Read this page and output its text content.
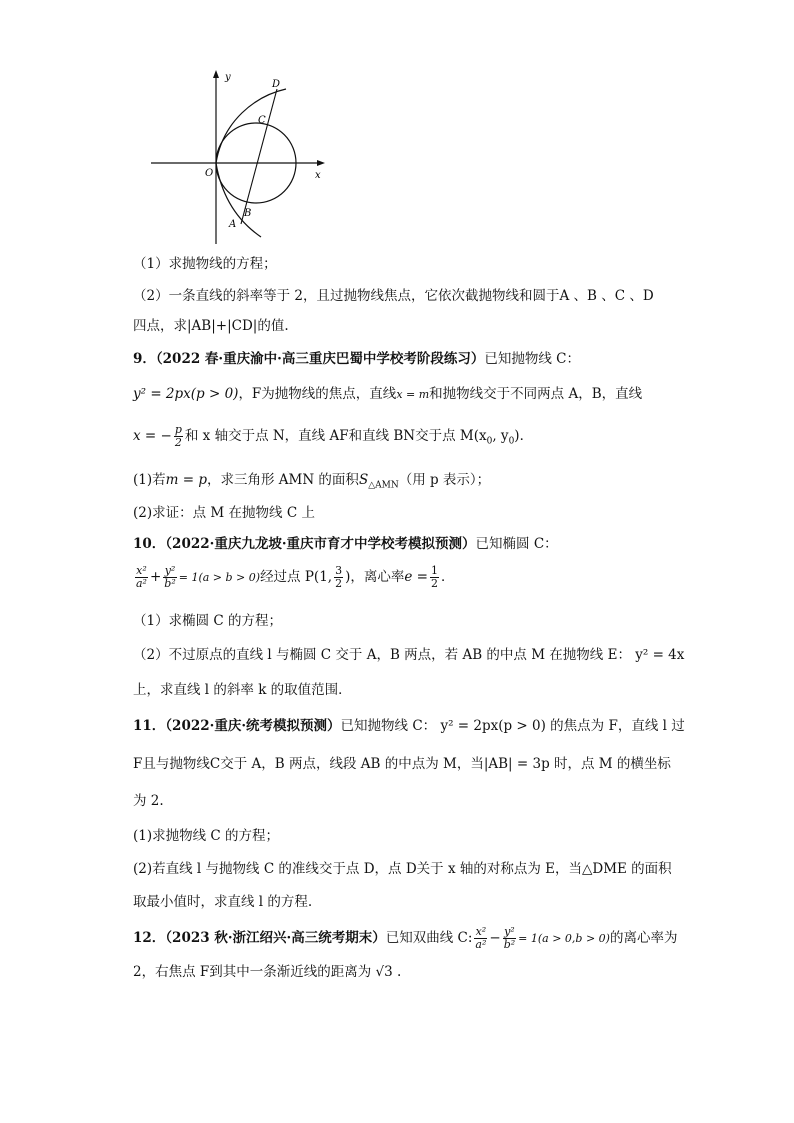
y
x
O
A
B
C
D
（1）求抛物线的方程；
（2）一条直线的斜率等于 2，且过抛物线焦点，它依次截抛物线和圆于A 、B 、C 、D
四点，求|AB|+|CD|的值.
9．（2022 春·重庆渝中·高三重庆巴蜀中学校考阶段练习）已知抛物线 C：
y² = 2px(p > 0)，F为抛物线的焦点，直线x = m和抛物线交于不同两点 A，B，直线
x = − $\frac{p}{2}$ 和 x 轴交于点 N，直线 AF和直线 BN交于点 $M(x_0$, $y_0$)．
(1)若m = p，求三角形 AMN 的面积$S_{\triangle AMN}$（用 p 表示）；
(2)求证：点 M 在抛物线 C 上
10．（2022·重庆九龙坡·重庆市育才中学校考模拟预测）已知椭圆 C：
$\frac{\text{x²}}{\text{a²}} + \frac{\text{y²}}{\text{b²}} = 1(a > b > 0)$经过点 P(1, $\frac{3}{2}$ )，离心率$e = \frac{1}{2}$ ．
（1）求椭圆 C 的方程；
（2）不过原点的直线 l 与椭圆 C 交于 A，B 两点，若 AB 的中点 M 在抛物线 E： y² = 4x
上，求直线 l 的斜率 k 的取值范围．
11．（2022·重庆·统考模拟预测）已知抛物线 C： y² = 2px(p > 0) 的焦点为 F，直线 l 过
F且与抛物线C交于 A，B 两点，线段 AB 的中点为 M，当|AB| = 3p 时，点 M 的横坐标
为 2.
(1)求抛物线 C 的方程；
(2)若直线 l 与抛物线 C 的准线交于点 D，点 D关于 x 轴的对称点为 E，当△DME 的面积
取最小值时，求直线 l 的方程.
12．（2023 秋·浙江绍兴·高三统考期末）已知双曲线 C: $\frac{\text{x²}}{\text{a²}} - \frac{\text{y²}}{\text{b²}} = 1(a > 0,b > 0)$的离心率为
2，右焦点 F到其中一条渐近线的距离为 √3 .
